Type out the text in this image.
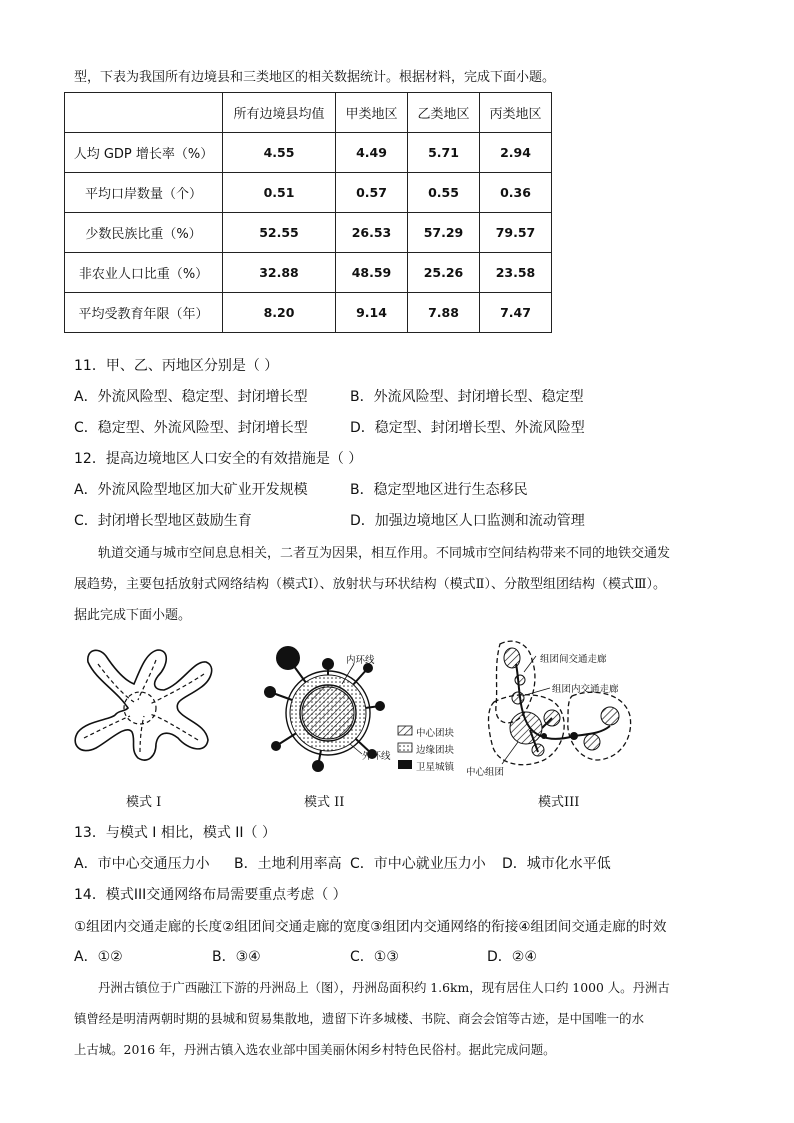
型，下表为我国所有边境县和三类地区的相关数据统计。根据材料，完成下面小题。
	所有边境县均值	甲类地区	乙类地区	丙类地区
人均 GDP 增长率（%）	4.55	4.49	5.71	2.94
平均口岸数量（个）	0.51	0.57	0.55	0.36
少数民族比重（%）	52.55	26.53	57.29	79.57
非农业人口比重（%）	32.88	48.59	25.26	23.58
平均受教育年限（年）	8.20	9.14	7.88	7.47
11．甲、乙、丙地区分别是（ ）
A．外流风险型、稳定型、封闭增长型	B．外流风险型、封闭增长型、稳定型
C．稳定型、外流风险型、封闭增长型	D．稳定型、封闭增长型、外流风险型
12．提高边境地区人口安全的有效措施是（ ）
A．外流风险型地区加大矿业开发规模	B．稳定型地区进行生态移民
C．封闭增长型地区鼓励生育	D．加强边境地区人口监测和流动管理
轨道交通与城市空间息息相关，二者互为因果，相互作用。不同城市空间结构带来不同的地铁交通发
展趋势，主要包括放射式网络结构（模式Ⅰ）、放射状与环状结构（模式Ⅱ）、分散型组团结构（模式Ⅲ）。
据此完成下面小题。
模式 I
内环线
外环线
中心团块
边缘团块
卫星城镇
模式 II
组团间交通走廊
组团内交通走廊
中心组团
模式III
13．与模式 I 相比，模式 II（ ）
A．市中心交通压力小 B．土地利用率高 C．市中心就业压力小 D．城市化水平低
14．模式III交通网络布局需要重点考虑（ ）
①组团内交通走廊的长度②组团间交通走廊的宽度③组团内交通网络的衔接④组团间交通走廊的时效
A．①②	B．③④	C．①③	D．②④
丹洲古镇位于广西融江下游的丹洲岛上（图），丹洲岛面积约 1.6km，现有居住人口约 1000 人。丹洲古
镇曾经是明清两朝时期的县城和贸易集散地，遗留下许多城楼、书院、商会会馆等古迹，是中国唯一的水
上古城。2016 年，丹洲古镇入选农业部中国美丽休闲乡村特色民俗村。据此完成问题。
